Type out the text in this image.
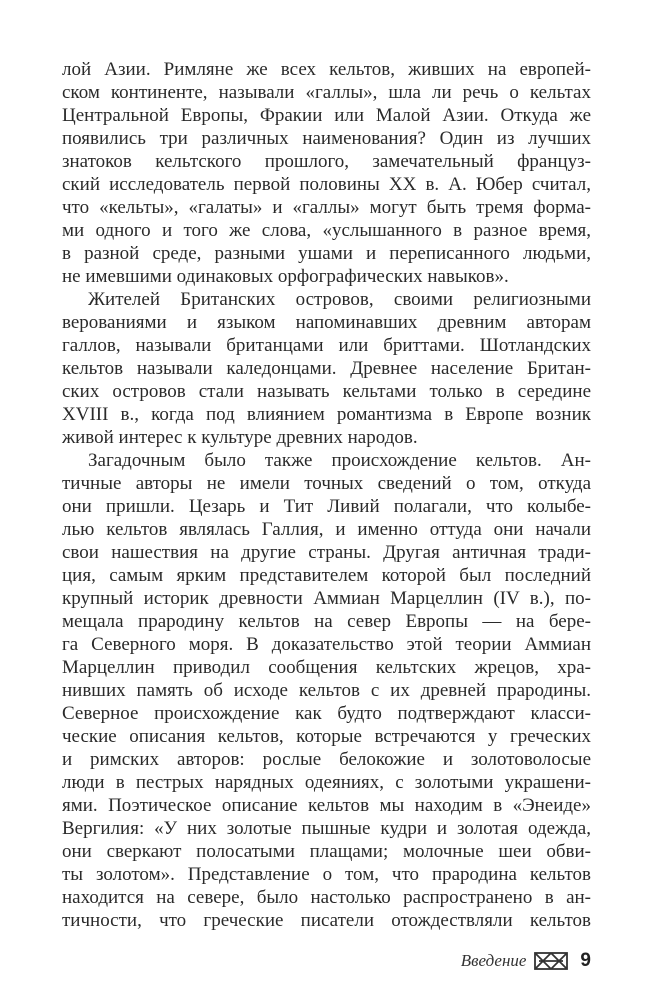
лой Азии. Римляне же всех кельтов, живших на европей-
ском континенте, называли «галлы», шла ли речь о кельтах
Центральной Европы, Фракии или Малой Азии. Откуда же
появились три различных наименования? Один из лучших
знатоков кельтского прошлого, замечательный француз-
ский исследователь первой половины XX в. А. Юбер считал,
что «кельты», «галаты» и «галлы» могут быть тремя форма-
ми одного и того же слова, «услышанного в разное время,
в разной среде, разными ушами и переписанного людьми,
не имевшими одинаковых орфографических навыков».
Жителей Британских островов, своими религиозными
верованиями и языком напоминавших древним авторам
галлов, называли британцами или бриттами. Шотландских
кельтов называли каледонцами. Древнее население Британ-
ских островов стали называть кельтами только в середине
XVIII в., когда под влиянием романтизма в Европе возник
живой интерес к культуре древних народов.
Загадочным было также происхождение кельтов. Ан-
тичные авторы не имели точных сведений о том, откуда
они пришли. Цезарь и Тит Ливий полагали, что колыбе-
лью кельтов являлась Галлия, и именно оттуда они начали
свои нашествия на другие страны. Другая античная тради-
ция, самым ярким представителем которой был последний
крупный историк древности Аммиан Марцеллин (IV в.), по-
мещала прародину кельтов на север Европы — на бере-
га Северного моря. В доказательство этой теории Аммиан
Марцеллин приводил сообщения кельтских жрецов, хра-
нивших память об исходе кельтов с их древней прародины.
Северное происхождение как будто подтверждают класси-
ческие описания кельтов, которые встречаются у греческих
и римских авторов: рослые белокожие и золотоволосые
люди в пестрых нарядных одеяниях, с золотыми украшени-
ями. Поэтическое описание кельтов мы находим в «Энеиде»
Вергилия: «У них золотые пышные кудри и золотая одежда,
они сверкают полосатыми плащами; молочные шеи обви-
ты золотом». Представление о том, что прародина кельтов
находится на севере, было настолько распространено в ан-
тичности, что греческие писатели отождествляли кельтов
Введение	9
